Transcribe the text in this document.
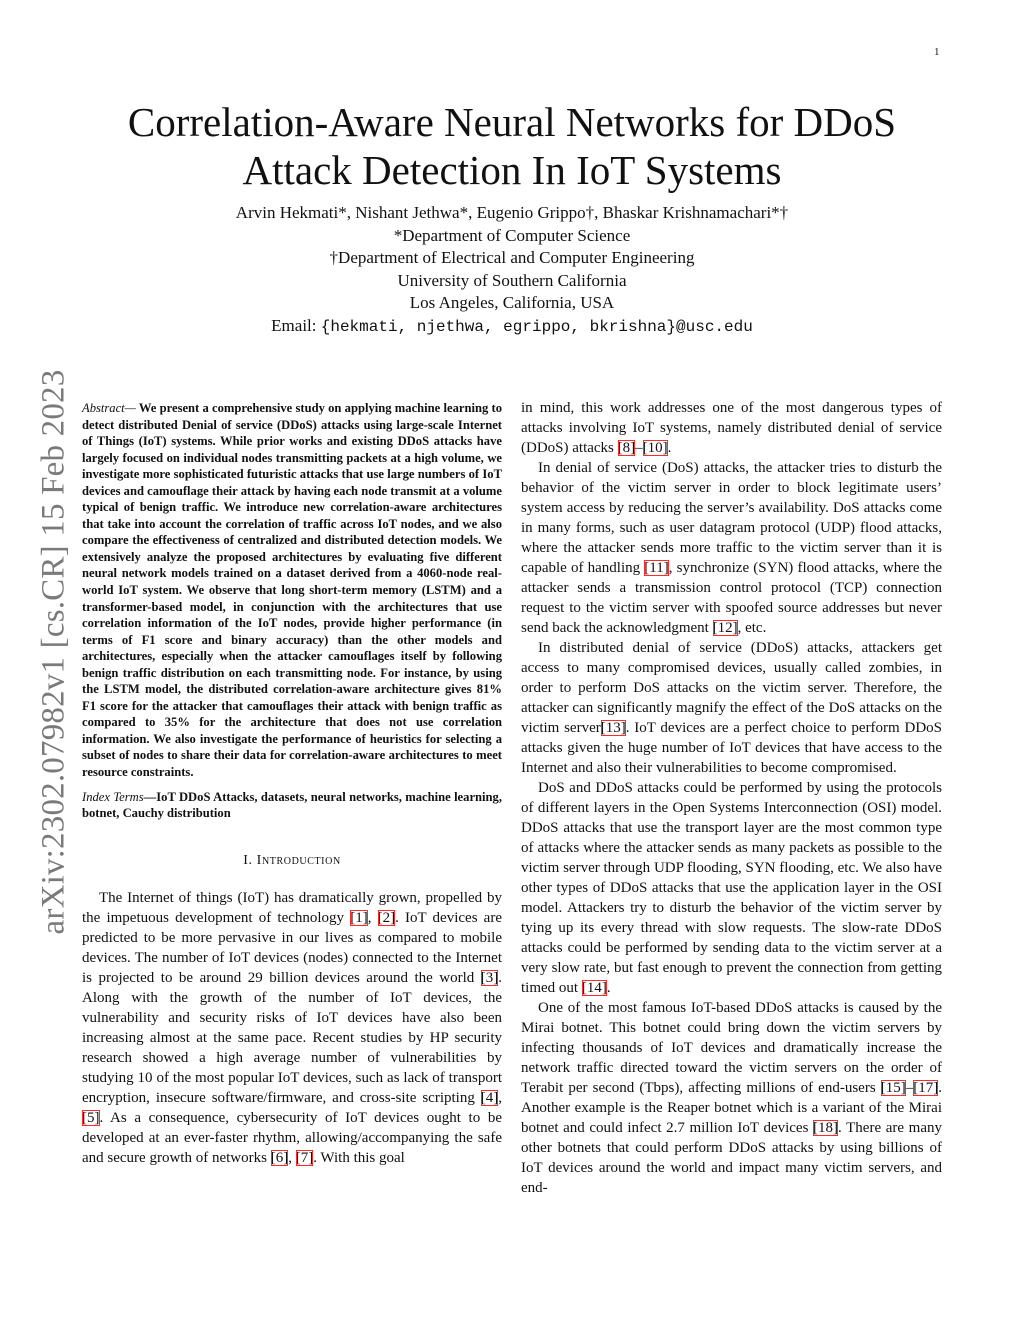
1
arXiv:2302.07982v1 [cs.CR] 15 Feb 2023
Correlation-Aware Neural Networks for DDoS
Attack Detection In IoT Systems
Arvin Hekmati*, Nishant Jethwa*, Eugenio Grippo†, Bhaskar Krishnamachari*†
*Department of Computer Science
†Department of Electrical and Computer Engineering
University of Southern California
Los Angeles, California, USA
Email: {hekmati, njethwa, egrippo, bkrishna}@usc.edu

Abstract— We present a comprehensive study on applying machine learning to detect distributed Denial of service (DDoS) attacks using large-scale Internet of Things (IoT) systems. While prior works and existing DDoS attacks have largely focused on individual nodes transmitting packets at a high volume, we investigate more sophisticated futuristic attacks that use large numbers of IoT devices and camouflage their attack by having each node transmit at a volume typical of benign traffic. We introduce new correlation-aware architectures that take into account the correlation of traffic across IoT nodes, and we also compare the effectiveness of centralized and distributed detection models. We extensively analyze the proposed architectures by evaluating five different neural network models trained on a dataset derived from a 4060-node real-world IoT system. We observe that long short-term memory (LSTM) and a transformer-based model, in conjunction with the architectures that use correlation information of the IoT nodes, provide higher performance (in terms of F1 score and binary accuracy) than the other models and architectures, especially when the attacker camouflages itself by following benign traffic distribution on each transmitting node. For instance, by using the LSTM model, the distributed correlation-aware architecture gives 81% F1 score for the attacker that camouflages their attack with benign traffic as compared to 35% for the architecture that does not use correlation information. We also investigate the performance of heuristics for selecting a subset of nodes to share their data for correlation-aware architectures to meet resource constraints.

Index Terms—IoT DDoS Attacks, datasets, neural networks, machine learning, botnet, Cauchy distribution

I. Introduction

The Internet of things (IoT) has dramatically grown, propelled by the impetuous development of technology [1], [2]. IoT devices are predicted to be more pervasive in our lives as compared to mobile devices. The number of IoT devices (nodes) connected to the Internet is projected to be around 29 billion devices around the world [3]. Along with the growth of the number of IoT devices, the vulnerability and security risks of IoT devices have also been increasing almost at the same pace. Recent studies by HP security research showed a high average number of vulnerabilities by studying 10 of the most popular IoT devices, such as lack of transport encryption, insecure software/firmware, and cross-site scripting [4], [5]. As a consequence, cybersecurity of IoT devices ought to be developed at an ever-faster rhythm, allowing/accompanying the safe and secure growth of networks [6], [7]. With this goal

in mind, this work addresses one of the most dangerous types of attacks involving IoT systems, namely distributed denial of service (DDoS) attacks [8]–[10].

In denial of service (DoS) attacks, the attacker tries to disturb the behavior of the victim server in order to block legitimate users’ system access by reducing the server’s availability. DoS attacks come in many forms, such as user datagram protocol (UDP) flood attacks, where the attacker sends more traffic to the victim server than it is capable of handling [11], synchronize (SYN) flood attacks, where the attacker sends a transmission control protocol (TCP) connection request to the victim server with spoofed source addresses but never send back the acknowledgment [12], etc.

In distributed denial of service (DDoS) attacks, attackers get access to many compromised devices, usually called zombies, in order to perform DoS attacks on the victim server. Therefore, the attacker can significantly magnify the effect of the DoS attacks on the victim server[13]. IoT devices are a perfect choice to perform DDoS attacks given the huge number of IoT devices that have access to the Internet and also their vulnerabilities to become compromised.

DoS and DDoS attacks could be performed by using the protocols of different layers in the Open Systems Interconnection (OSI) model. DDoS attacks that use the transport layer are the most common type of attacks where the attacker sends as many packets as possible to the victim server through UDP flooding, SYN flooding, etc. We also have other types of DDoS attacks that use the application layer in the OSI model. Attackers try to disturb the behavior of the victim server by tying up its every thread with slow requests. The slow-rate DDoS attacks could be performed by sending data to the victim server at a very slow rate, but fast enough to prevent the connection from getting timed out [14].

One of the most famous IoT-based DDoS attacks is caused by the Mirai botnet. This botnet could bring down the victim servers by infecting thousands of IoT devices and dramatically increase the network traffic directed toward the victim servers on the order of Terabit per second (Tbps), affecting millions of end-users [15]–[17]. Another example is the Reaper botnet which is a variant of the Mirai botnet and could infect 2.7 million IoT devices [18]. There are many other botnets that could perform DDoS attacks by using billions of IoT devices around the world and impact many victim servers, and end-
